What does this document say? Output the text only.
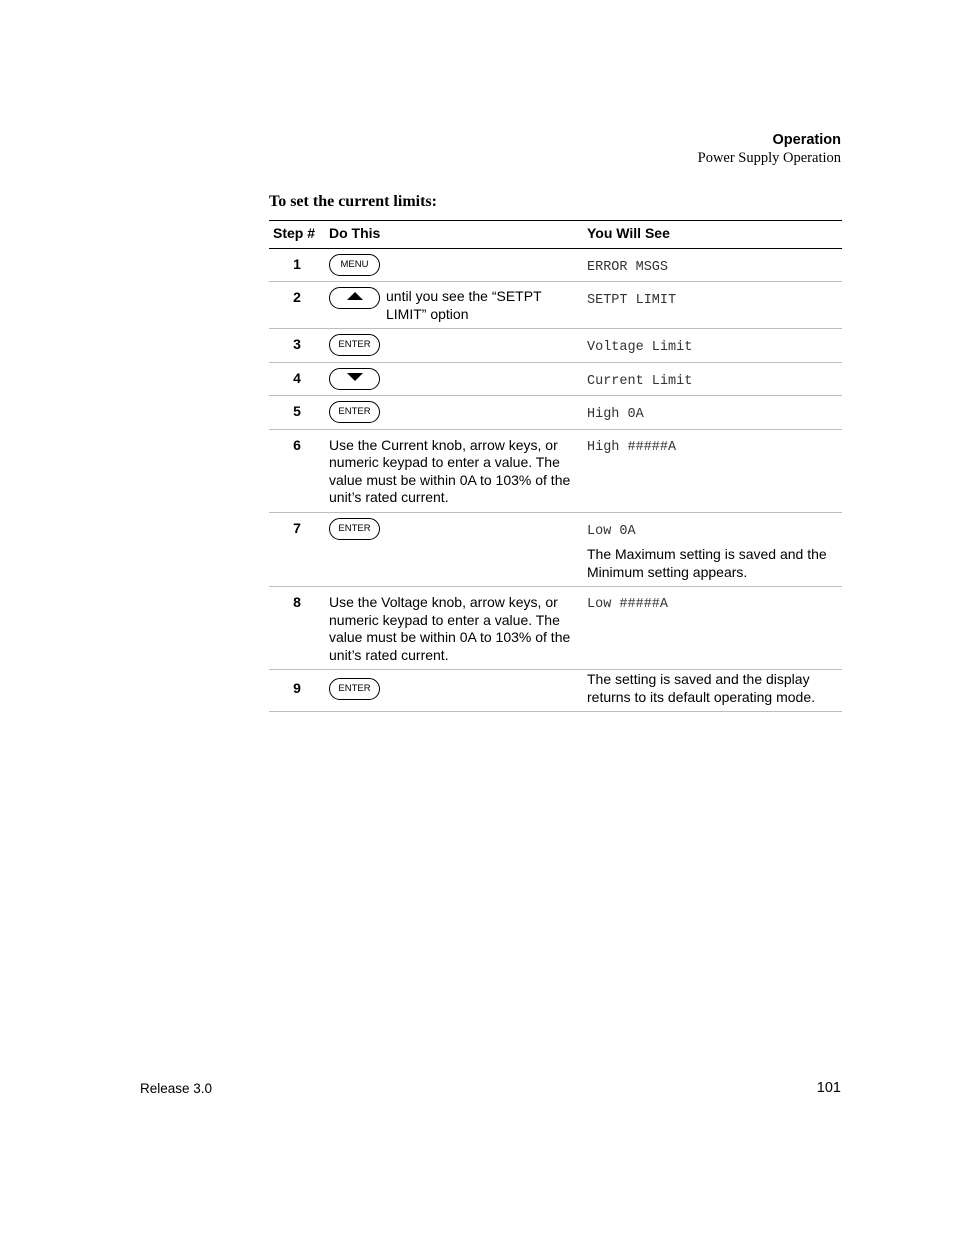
Operation
Power Supply Operation
To set the current limits:
Step #	Do This	You Will See
1	MENU	ERROR MSGS
2	until you see the “SETPT LIMIT” option	SETPT LIMIT
3	ENTER	Voltage Limit
4		Current Limit
5	ENTER	High 0A
6	Use the Current knob, arrow keys, or numeric keypad to enter a value. The value must be within 0A to 103% of the unit’s rated current.	High #####A
7	ENTER	Low 0A
The Maximum setting is saved and the Minimum setting appears.

8	Use the Voltage knob, arrow keys, or numeric keypad to enter a value. The value must be within 0A to 103% of the unit’s rated current.	Low #####A
9	ENTER	The setting is saved and the display returns to its default operating mode.
Release 3.0	101
